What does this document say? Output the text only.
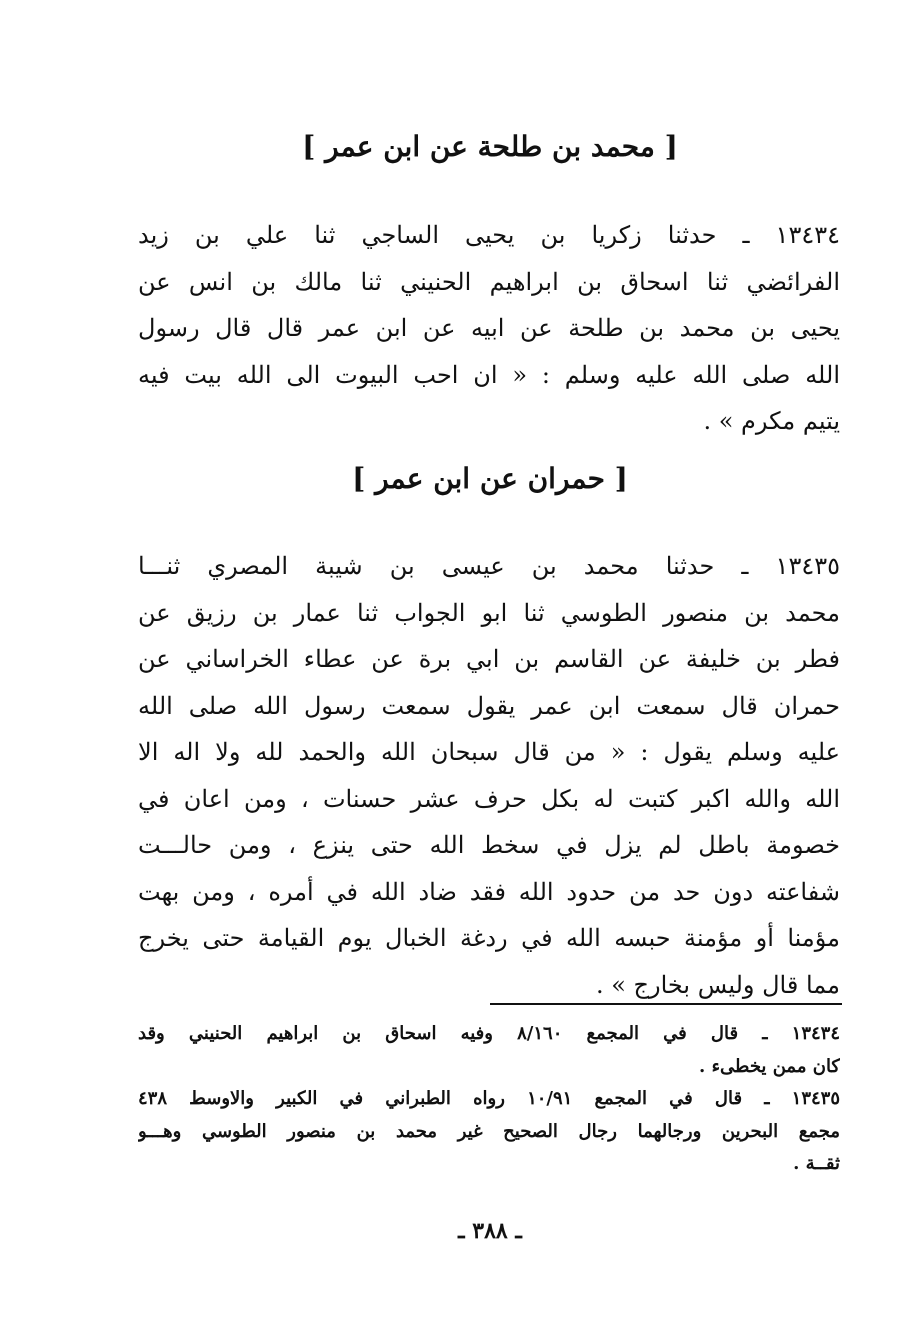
[ محمد بن طلحة عن ابن عمر ]
١٣٤٣٤ ـ حدثنا زكريا بن يحيى الساجي ثنا علي بن زيد
الفرائضي ثنا اسحاق بن ابراهيم الحنيني ثنا مالك بن انس عن
يحيى بن محمد بن طلحة عن ابيه عن ابن عمر قال قال رسول
الله صلى الله عليه وسلم : « ان احب البيوت الى الله بيت فيه
يتيم مكرم » .
[ حمران عن ابن عمر ]
١٣٤٣٥ ـ حدثنا محمد بن عيسى بن شيبة المصري ثنـــا
محمد بن منصور الطوسي ثنا ابو الجواب ثنا عمار بن رزيق عن
فطر بن خليفة عن القاسم بن ابي برة عن عطاء الخراساني عن
حمران قال سمعت ابن عمر يقول سمعت رسول الله صلى الله
عليه وسلم يقول : « من قال سبحان الله والحمد لله ولا اله الا
الله والله اكبر كتبت له بكل حرف عشر حسنات ، ومن اعان في
خصومة باطل لم يزل في سخط الله حتى ينزع ، ومن حالـــت
شفاعته دون حد من حدود الله فقد ضاد الله في أمره ، ومن بهت
مؤمنا أو مؤمنة حبسه الله في ردغة الخبال يوم القيامة حتى يخرج
مما قال وليس بخارج » .
١٣٤٣٤ ـ قال في المجمع ٨/١٦٠ وفيه اسحاق بن ابراهيم الحنيني وقد
كان ممن يخطىء .
١٣٤٣٥ ـ قال في المجمع ١٠/٩١ رواه الطبراني في الكبير والاوسط ٤٣٨
مجمع البحرين ورجالهما رجال الصحيح غير محمد بن منصور الطوسي وهـــو
ثقــة .
ـ ٣٨٨ ـ
